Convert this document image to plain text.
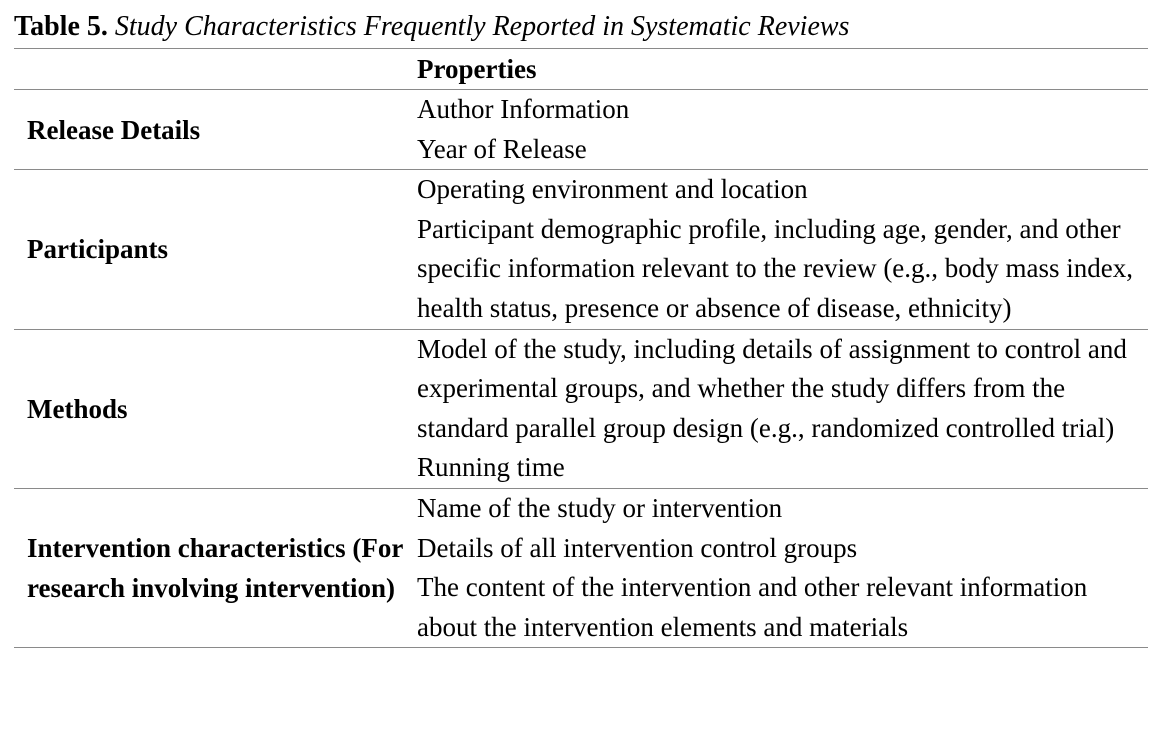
Table 5. Study Characteristics Frequently Reported in Systematic Reviews
Properties
Release Details
Author Information
Year of Release
Participants
Operating environment and location
Participant demographic profile, including age, gender, and other specific information relevant to the review (e.g., body mass index, health status, presence or absence of disease, ethnicity)
Methods
Model of the study, including details of assignment to control and experimental groups, and whether the study differs from the standard parallel group design (e.g., randomized controlled trial)
Running time
Intervention characteristics (For research involving intervention)
Name of the study or intervention
Details of all intervention control groups
The content of the intervention and other relevant information about the intervention elements and materials
